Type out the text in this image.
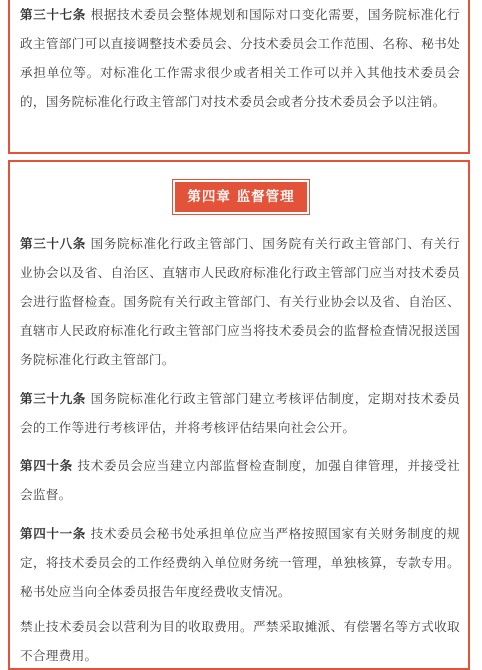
第三十七条 根据技术委员会整体规划和国际对口变化需要，国务院标准化行政主管部门可以直接调整技术委员会、分技术委员会工作范围、名称、秘书处承担单位等。对标准化工作需求很少或者相关工作可以并入其他技术委员会的，国务院标准化行政主管部门对技术委员会或者分技术委员会予以注销。

第四章 监督管理

第三十八条 国务院标准化行政主管部门、国务院有关行政主管部门、有关行业协会以及省、自治区、直辖市人民政府标准化行政主管部门应当对技术委员会进行监督检查。国务院有关行政主管部门、有关行业协会以及省、自治区、直辖市人民政府标准化行政主管部门应当将技术委员会的监督检查情况报送国务院标准化行政主管部门。

第三十九条 国务院标准化行政主管部门建立考核评估制度，定期对技术委员会的工作等进行考核评估，并将考核评估结果向社会公开。

第四十条 技术委员会应当建立内部监督检查制度，加强自律管理，并接受社会监督。

第四十一条 技术委员会秘书处承担单位应当严格按照国家有关财务制度的规定，将技术委员会的工作经费纳入单位财务统一管理，单独核算，专款专用。秘书处应当向全体委员报告年度经费收支情况。

禁止技术委员会以营利为目的收取费用。严禁采取摊派、有偿署名等方式收取不合理费用。
